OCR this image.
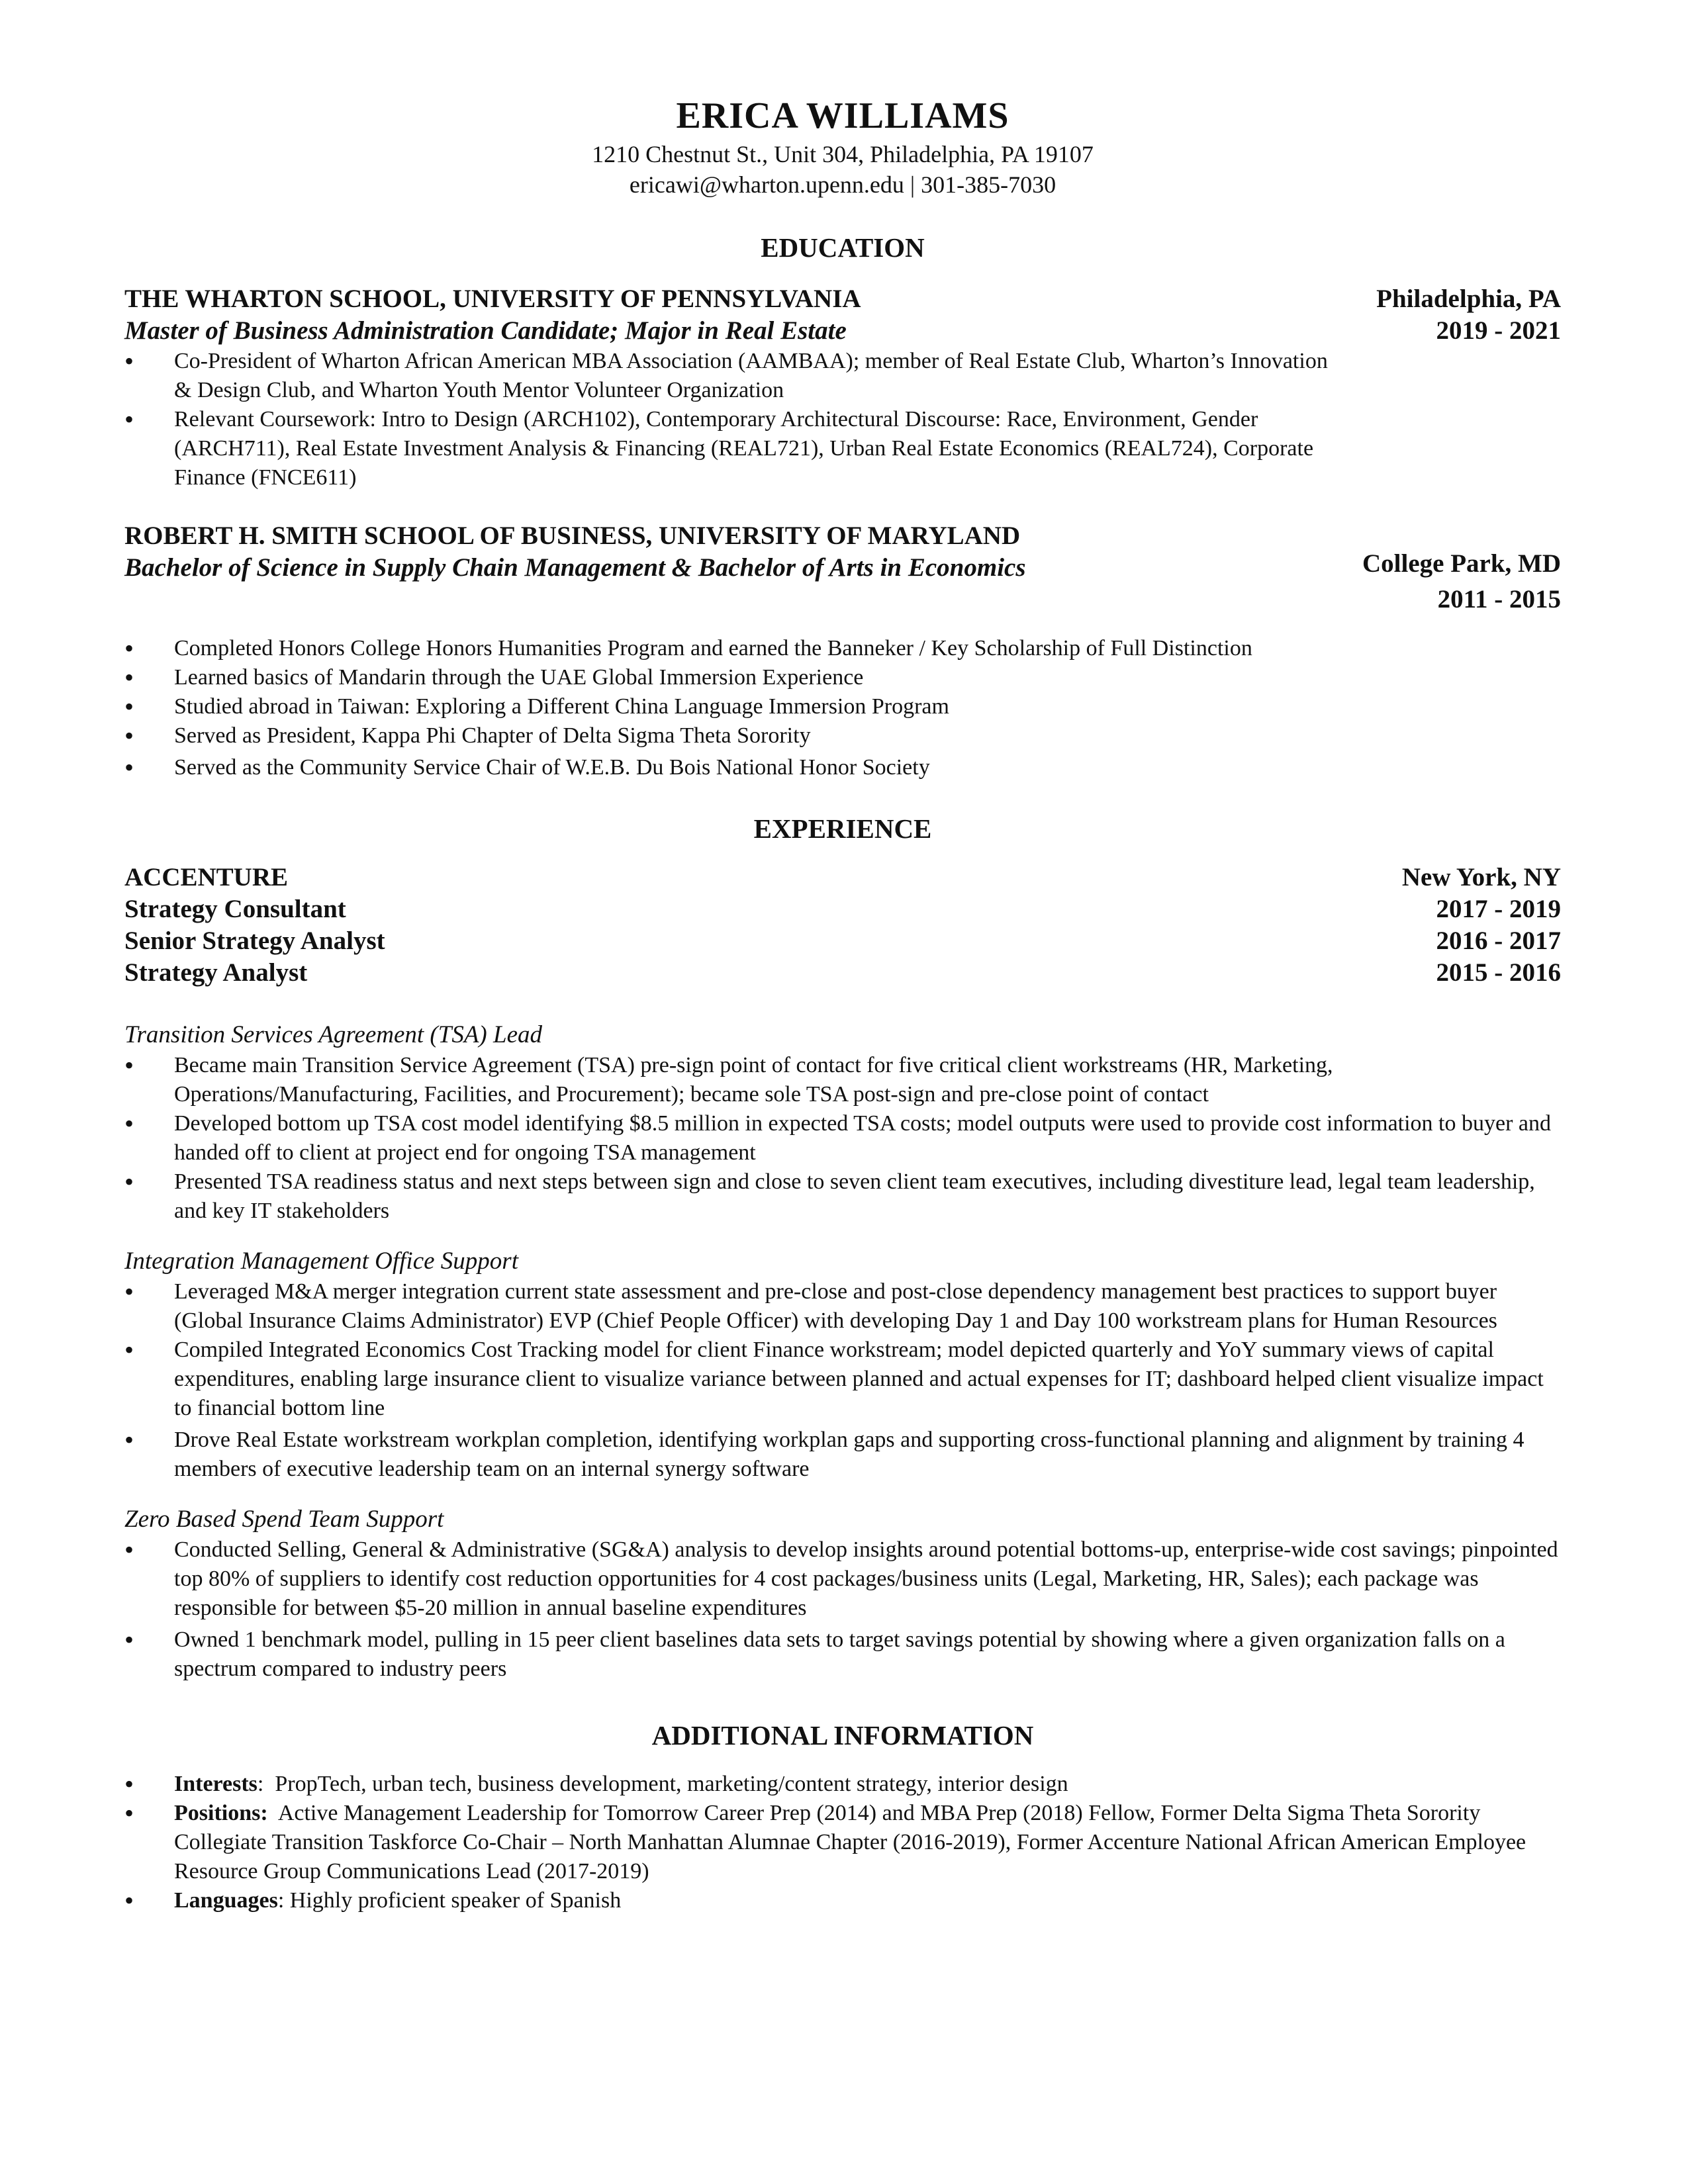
ERICA WILLIAMS
1210 Chestnut St., Unit 304, Philadelphia, PA 19107
ericawi@wharton.upenn.edu | 301-385-7030
EDUCATION
THE WHARTON SCHOOL, UNIVERSITY OF PENNSYLVANIA	Philadelphia, PA
Master of Business Administration Candidate; Major in Real Estate	2019 - 2021
• Co-President of Wharton African American MBA Association (AAMBAA); member of Real Estate Club, Wharton’s Innovation & Design Club, and Wharton Youth Mentor Volunteer Organization
• Relevant Coursework: Intro to Design (ARCH102), Contemporary Architectural Discourse: Race, Environment, Gender (ARCH711), Real Estate Investment Analysis & Financing (REAL721), Urban Real Estate Economics (REAL724), Corporate Finance (FNCE611)
ROBERT H. SMITH SCHOOL OF BUSINESS, UNIVERSITY OF MARYLAND
Bachelor of Science in Supply Chain Management & Bachelor of Arts in Economics	College Park, MD
2011 - 2015
• Completed Honors College Honors Humanities Program and earned the Banneker / Key Scholarship of Full Distinction
• Learned basics of Mandarin through the UAE Global Immersion Experience
• Studied abroad in Taiwan: Exploring a Different China Language Immersion Program
• Served as President, Kappa Phi Chapter of Delta Sigma Theta Sorority
• Served as the Community Service Chair of W.E.B. Du Bois National Honor Society
EXPERIENCE
ACCENTURE	New York, NY
Strategy Consultant	2017 - 2019
Senior Strategy Analyst	2016 - 2017
Strategy Analyst	2015 - 2016
Transition Services Agreement (TSA) Lead
• Became main Transition Service Agreement (TSA) pre-sign point of contact for five critical client workstreams (HR, Marketing, Operations/Manufacturing, Facilities, and Procurement); became sole TSA post-sign and pre-close point of contact
• Developed bottom up TSA cost model identifying $8.5 million in expected TSA costs; model outputs were used to provide cost information to buyer and handed off to client at project end for ongoing TSA management
• Presented TSA readiness status and next steps between sign and close to seven client team executives, including divestiture lead, legal team leadership, and key IT stakeholders
Integration Management Office Support
• Leveraged M&A merger integration current state assessment and pre-close and post-close dependency management best practices to support buyer (Global Insurance Claims Administrator) EVP (Chief People Officer) with developing Day 1 and Day 100 workstream plans for Human Resources
• Compiled Integrated Economics Cost Tracking model for client Finance workstream; model depicted quarterly and YoY summary views of capital expenditures, enabling large insurance client to visualize variance between planned and actual expenses for IT; dashboard helped client visualize impact to financial bottom line
• Drove Real Estate workstream workplan completion, identifying workplan gaps and supporting cross-functional planning and alignment by training 4 members of executive leadership team on an internal synergy software
Zero Based Spend Team Support
• Conducted Selling, General & Administrative (SG&A) analysis to develop insights around potential bottoms-up, enterprise-wide cost savings; pinpointed top 80% of suppliers to identify cost reduction opportunities for 4 cost packages/business units (Legal, Marketing, HR, Sales); each package was responsible for between $5-20 million in annual baseline expenditures
• Owned 1 benchmark model, pulling in 15 peer client baselines data sets to target savings potential by showing where a given organization falls on a spectrum compared to industry peers
ADDITIONAL INFORMATION
• Interests:  PropTech, urban tech, business development, marketing/content strategy, interior design
• Positions: Active Management Leadership for Tomorrow Career Prep (2014) and MBA Prep (2018) Fellow, Former Delta Sigma Theta Sorority Collegiate Transition Taskforce Co-Chair – North Manhattan Alumnae Chapter (2016-2019), Former Accenture National African American Employee Resource Group Communications Lead (2017-2019)
• Languages: Highly proficient speaker of Spanish
